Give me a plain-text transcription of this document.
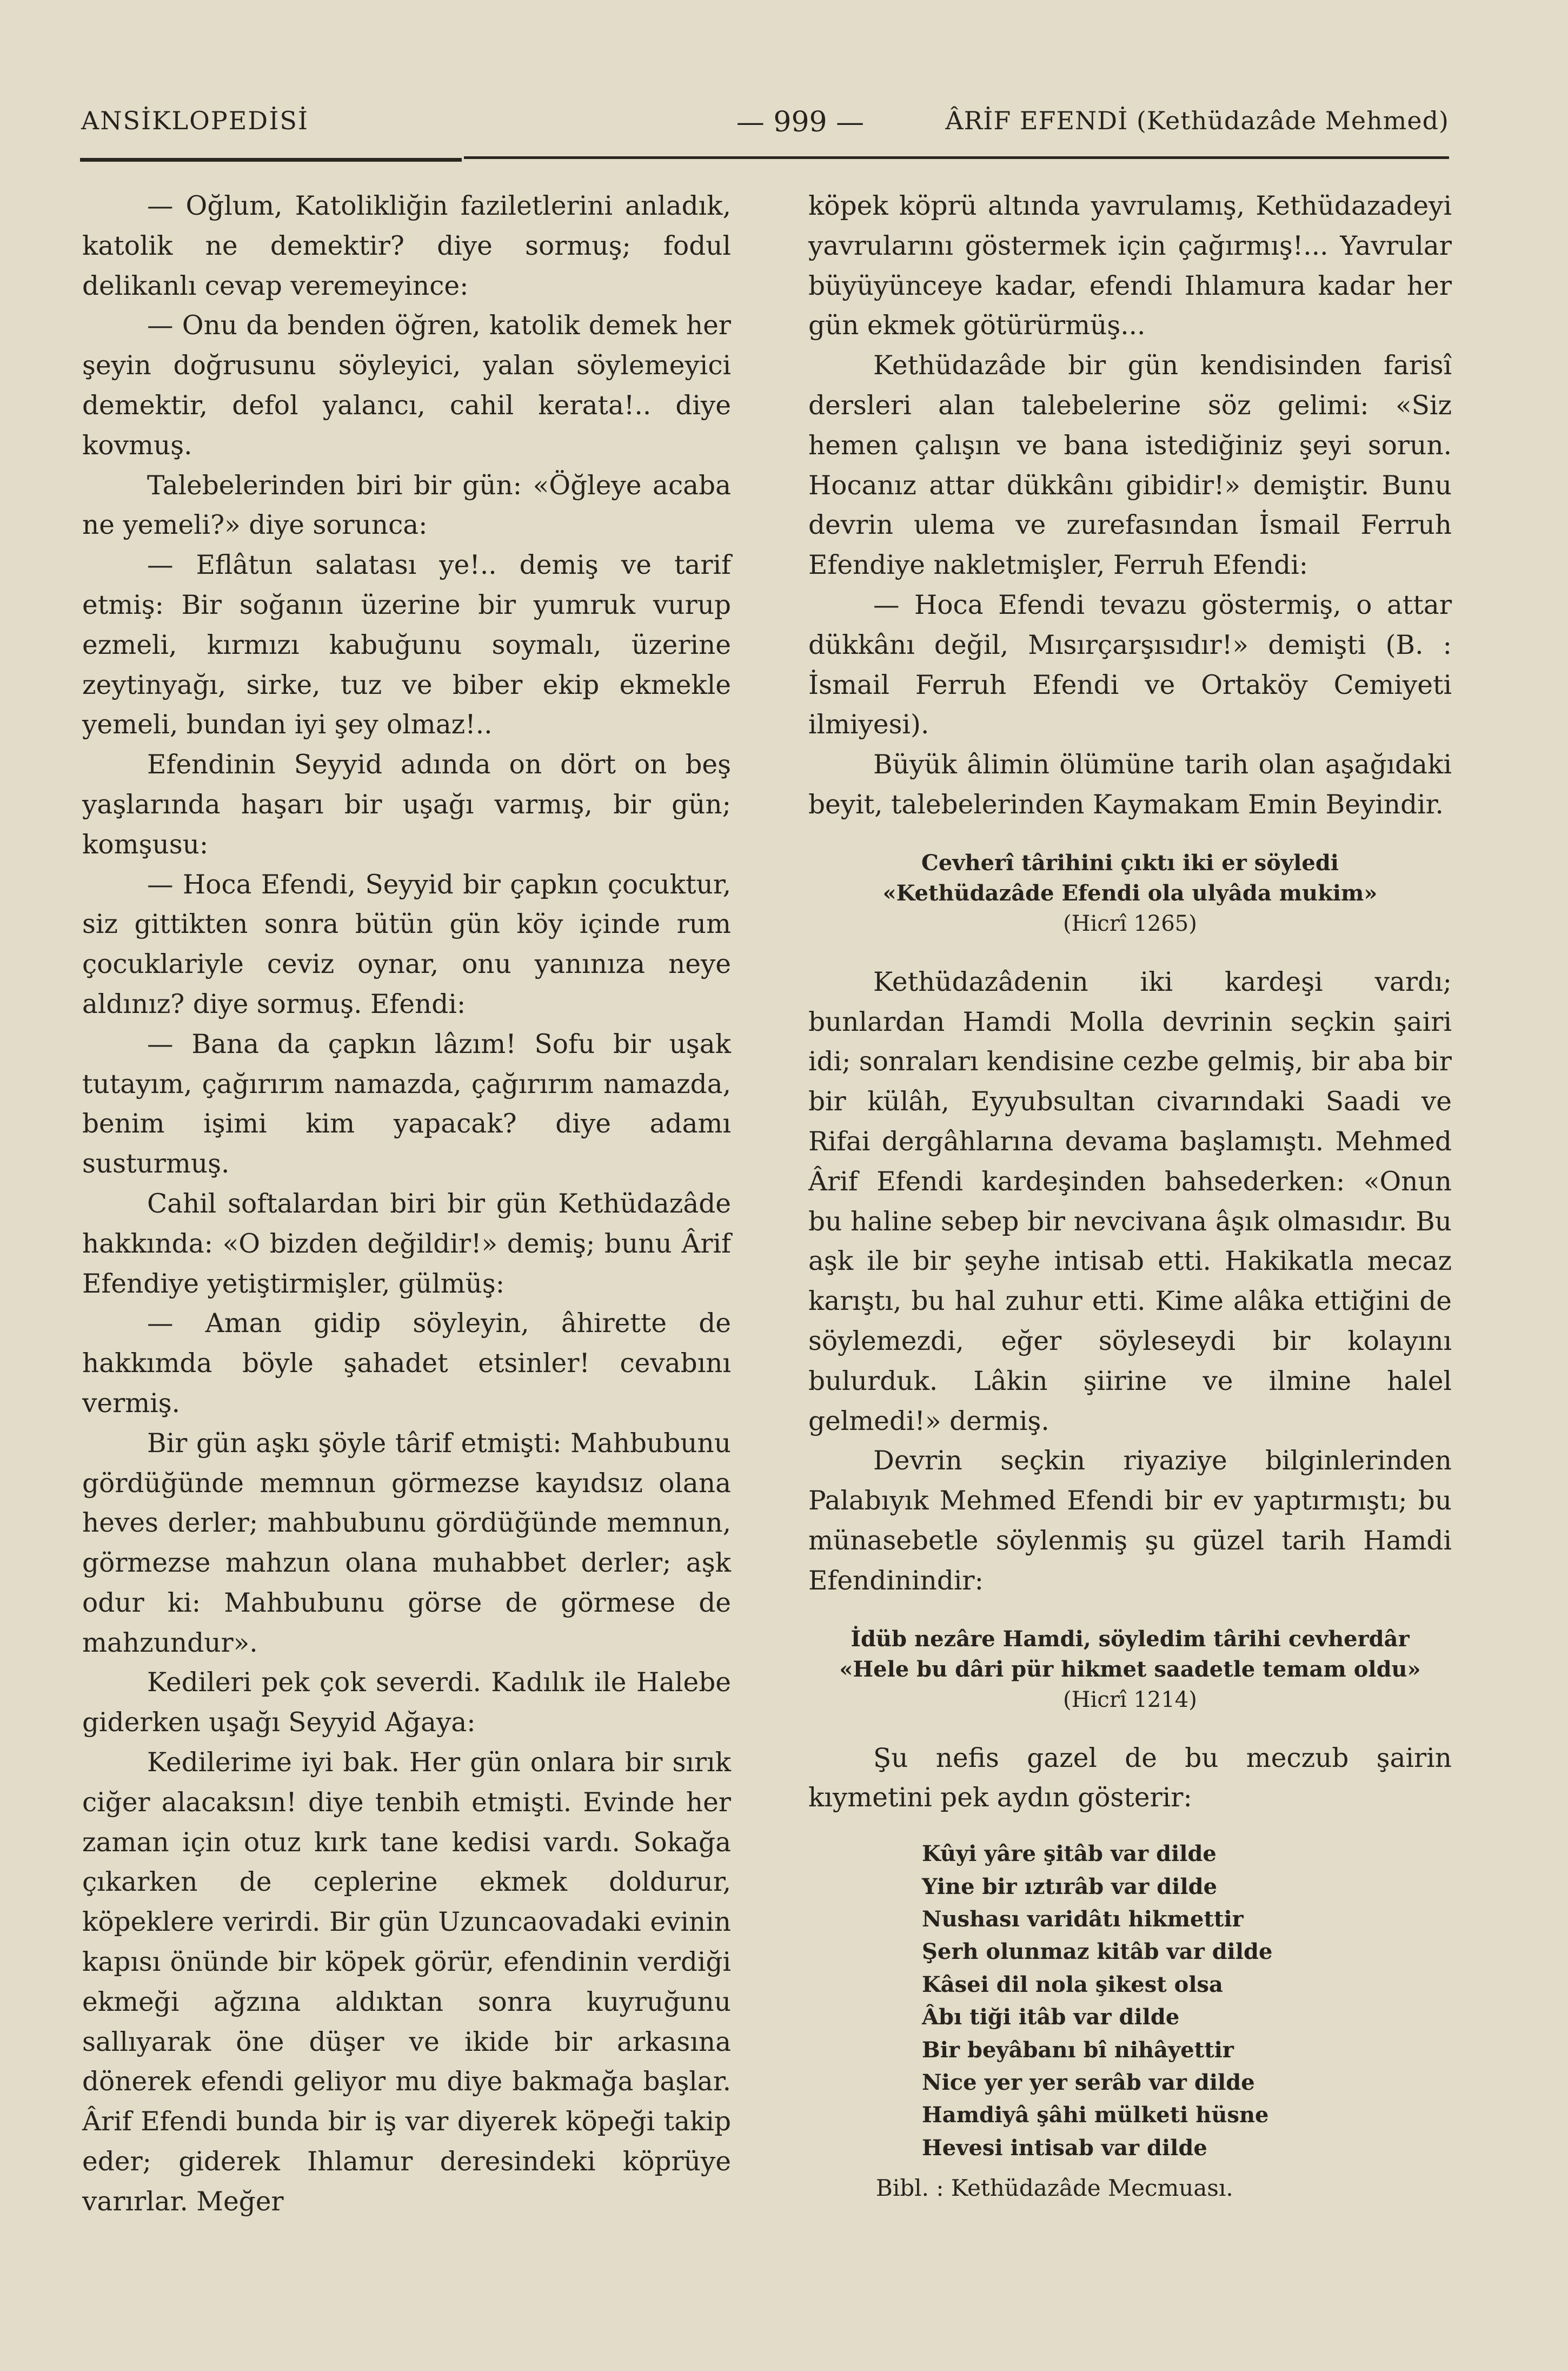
ANSİKLOPEDİSİ	— 999 —	ÂRİF EFENDİ (Kethüdazâde Mehmed)

— Oğlum, Katolikliğin faziletlerini anladık, katolik ne demektir? diye sormuş; fodul delikanlı cevap veremeyince:

— Onu da benden öğren, katolik demek her şeyin doğrusunu söyleyici, yalan söylemeyici demektir, defol yalancı, cahil kerata!.. diye kovmuş.

Talebelerinden biri bir gün: «Öğleye acaba ne yemeli?» diye sorunca:

— Eflâtun salatası ye!.. demiş ve tarif etmiş: Bir soğanın üzerine bir yumruk vurup ezmeli, kırmızı kabuğunu soymalı, üzerine zeytinyağı, sirke, tuz ve biber ekip ekmekle yemeli, bundan iyi şey olmaz!..

Efendinin Seyyid adında on dört on beş yaşlarında haşarı bir uşağı varmış, bir gün; komşusu:

— Hoca Efendi, Seyyid bir çapkın çocuktur, siz gittikten sonra bütün gün köy içinde rum çocuklariyle ceviz oynar, onu yanınıza neye aldınız? diye sormuş. Efendi:

— Bana da çapkın lâzım! Sofu bir uşak tutayım, çağırırım namazda, çağırırım namazda, benim işimi kim yapacak? diye adamı susturmuş.

Cahil softalardan biri bir gün Kethüdazâde hakkında: «O bizden değildir!» demiş; bunu Ârif Efendiye yetiştirmişler, gülmüş:

— Aman gidip söyleyin, âhirette de hakkımda böyle şahadet etsinler! cevabını vermiş.

Bir gün aşkı şöyle târif etmişti: Mahbubunu gördüğünde memnun görmezse kayıdsız olana heves derler; mahbubunu gördüğünde memnun, görmezse mahzun olana muhabbet derler; aşk odur ki: Mahbubunu görse de görmese de mahzundur».

Kedileri pek çok severdi. Kadılık ile Halebe giderken uşağı Seyyid Ağaya:

Kedilerime iyi bak. Her gün onlara bir sırık ciğer alacaksın! diye tenbih etmişti. Evinde her zaman için otuz kırk tane kedisi vardı. Sokağa çıkarken de ceplerine ekmek doldurur, köpeklere verirdi. Bir gün Uzuncaovadaki evinin kapısı önünde bir köpek görür, efendinin verdiği ekmeği ağzına aldıktan sonra kuyruğunu sallıyarak öne düşer ve ikide bir arkasına dönerek efendi geliyor mu diye bakmağa başlar. Ârif Efendi bunda bir iş var diyerek köpeği takip eder; giderek Ihlamur deresindeki köprüye varırlar. Meğer

köpek köprü altında yavrulamış, Kethüdazadeyi yavrularını göstermek için çağırmış!... Yavrular büyüyünceye kadar, efendi Ihlamura kadar her gün ekmek götürürmüş...

Kethüdazâde bir gün kendisinden farisî dersleri alan talebelerine söz gelimi: «Siz hemen çalışın ve bana istediğiniz şeyi sorun. Hocanız attar dükkânı gibidir!» demiştir. Bunu devrin ulema ve zurefasından İsmail Ferruh Efendiye nakletmişler, Ferruh Efendi:

— Hoca Efendi tevazu göstermiş, o attar dükkânı değil, Mısırçarşısıdır!» demişti (B. : İsmail Ferruh Efendi ve Ortaköy Cemiyeti ilmiyesi).

Büyük âlimin ölümüne tarih olan aşağıdaki beyit, talebelerinden Kaymakam Emin Beyindir.

Cevherî târihini çıktı iki er söyledi
«Kethüdazâde Efendi ola ulyâda mukim»
(Hicrî 1265)

Kethüdazâdenin iki kardeşi vardı; bunlardan Hamdi Molla devrinin seçkin şairi idi; sonraları kendisine cezbe gelmiş, bir aba bir bir külâh, Eyyubsultan civarındaki Saadi ve Rifai dergâhlarına devama başlamıştı. Mehmed Ârif Efendi kardeşinden bahsederken: «Onun bu haline sebep bir nevcivana âşık olmasıdır. Bu aşk ile bir şeyhe intisab etti. Hakikatla mecaz karıştı, bu hal zuhur etti. Kime alâka ettiğini de söylemezdi, eğer söyleseydi bir kolayını bulurduk. Lâkin şiirine ve ilmine halel gelmedi!» dermiş.

Devrin seçkin riyaziye bilginlerinden Palabıyık Mehmed Efendi bir ev yaptırmıştı; bu münasebetle söylenmiş şu güzel tarih Hamdi Efendinindir:

İdüb nezâre Hamdi, söyledim târihi cevherdâr
«Hele bu dâri pür hikmet saadetle temam oldu»
(Hicrî 1214)

Şu nefis gazel de bu meczub şairin kıymetini pek aydın gösterir:

Kûyi yâre şitâb var dilde
Yine bir ıztırâb var dilde
Nushası varidâtı hikmettir
Şerh olunmaz kitâb var dilde
Kâsei dil nola şikest olsa
Âbı tiği itâb var dilde
Bir beyâbanı bî nihâyettir
Nice yer yer serâb var dilde
Hamdiyâ şâhi mülketi hüsne
Hevesi intisab var dilde
Bibl. : Kethüdazâde Mecmuası.
